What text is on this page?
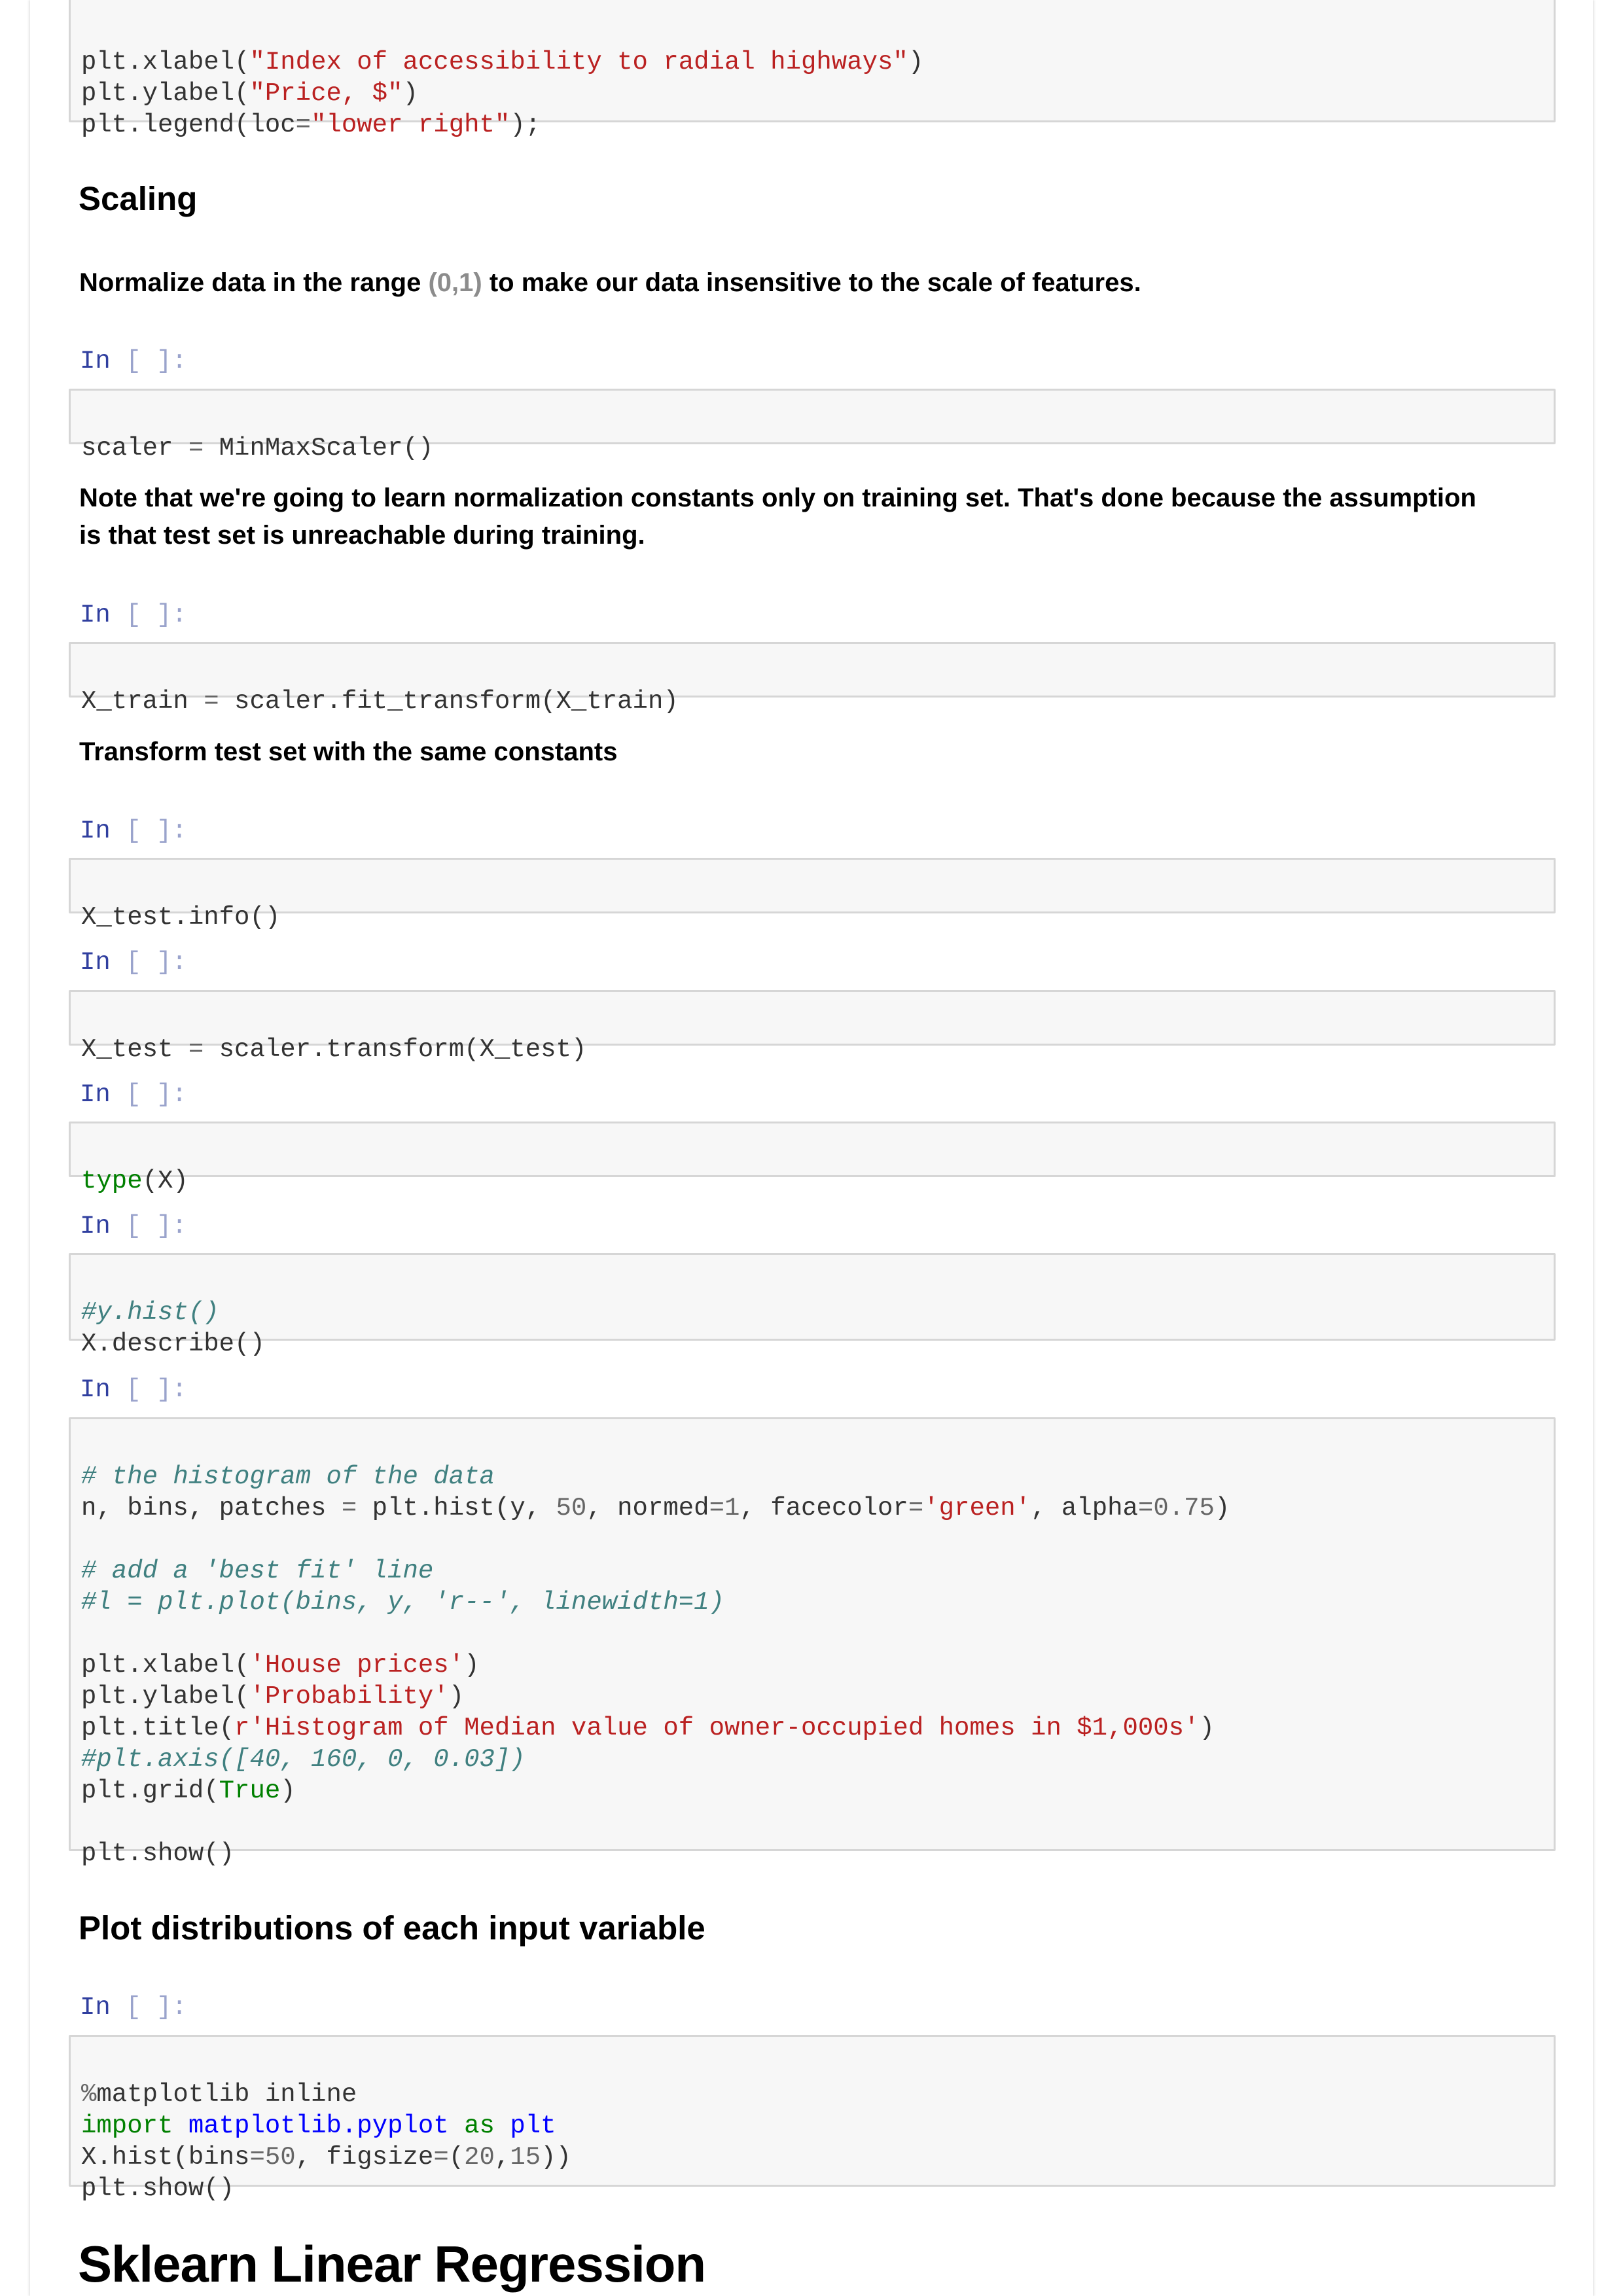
plt.xlabel("Index of accessibility to radial highways")
plt.ylabel("Price, $")
plt.legend(loc="lower right");

Scaling
Normalize data in the range (0,1) to make our data insensitive to the scale of features.
In [ ]:

scaler = MinMaxScaler()

Note that we're going to learn normalization constants only on training set. That's done because the assumption
is that test set is unreachable during training.
In [ ]:

X_train = scaler.fit_transform(X_train)

Transform test set with the same constants
In [ ]:

X_test.info()

In [ ]:

X_test = scaler.transform(X_test)

In [ ]:

type(X)

In [ ]:

#y.hist()
X.describe()

In [ ]:

# the histogram of the data
n, bins, patches = plt.hist(y, 50, normed=1, facecolor='green', alpha=0.75)
# add a 'best fit' line
#l = plt.plot(bins, y, 'r--', linewidth=1)
plt.xlabel('House prices')
plt.ylabel('Probability')
plt.title(r'Histogram of Median value of owner-occupied homes in $1,000s')
#plt.axis([40, 160, 0, 0.03])
plt.grid(True)
plt.show()

Plot distributions of each input variable
In [ ]:

%matplotlib inline
import matplotlib.pyplot as plt
X.hist(bins=50, figsize=(20,15))
plt.show()

Sklearn Linear Regression
